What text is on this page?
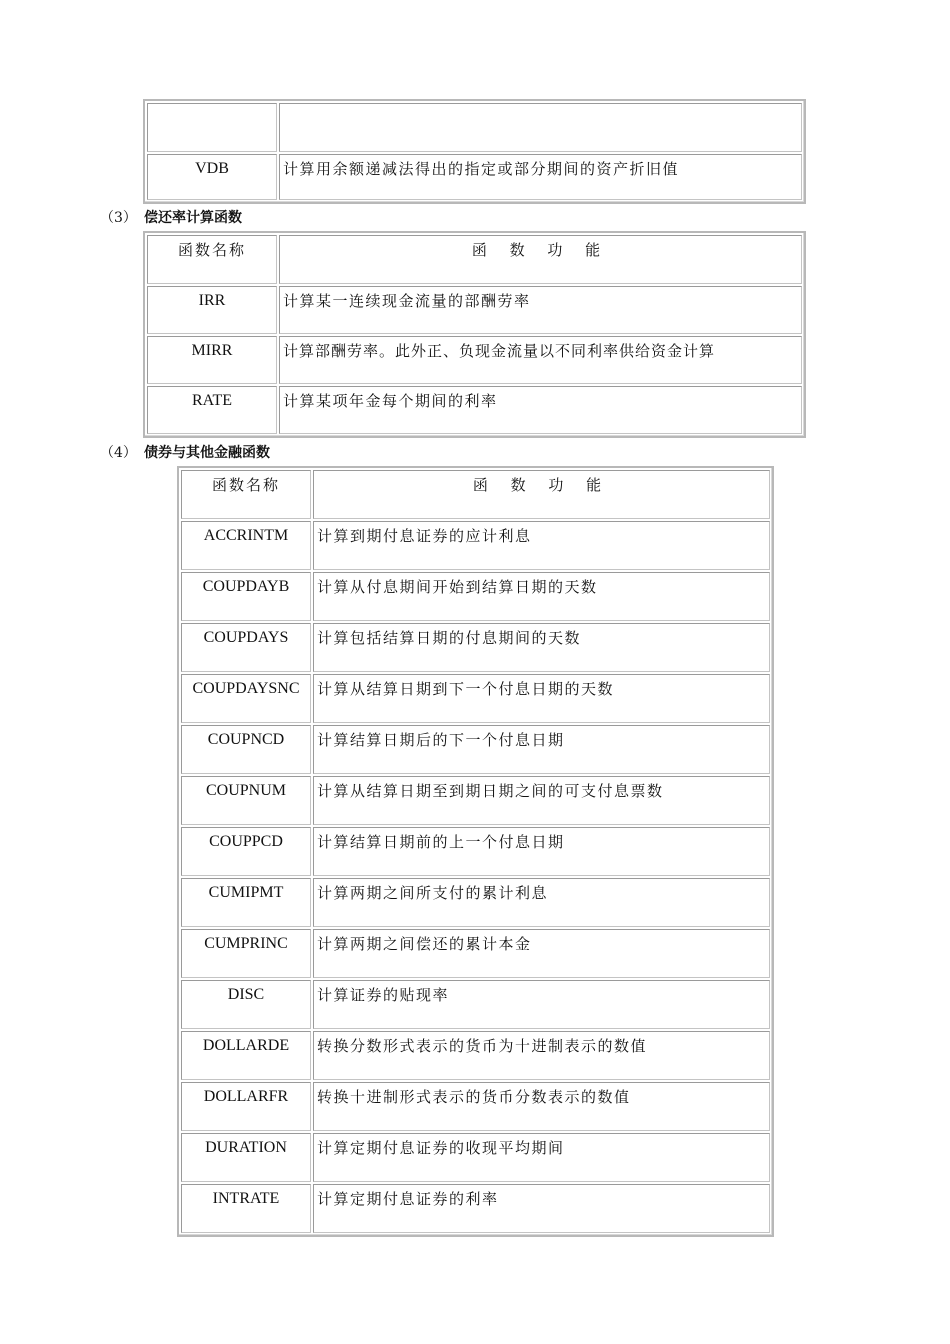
VDB	计算用余额递减法得出的指定或部分期间的资产折旧值
（3） 偿还率计算函数
函数名称	函 数 功 能
IRR	计算某一连续现金流量的部酬劳率
MIRR	计算部酬劳率。此外正、负现金流量以不同利率供给资金计算
RATE	计算某项年金每个期间的利率
（4） 债券与其他金融函数
函数名称	函 数 功 能
ACCRINTM	计算到期付息证券的应计利息
COUPDAYB	计算从付息期间开始到结算日期的天数
COUPDAYS	计算包括结算日期的付息期间的天数
COUPDAYSNC	计算从结算日期到下一个付息日期的天数
COUPNCD	计算结算日期后的下一个付息日期
COUPNUM	计算从结算日期至到期日期之间的可支付息票数
COUPPCD	计算结算日期前的上一个付息日期
CUMIPMT	计算两期之间所支付的累计利息
CUMPRINC	计算两期之间偿还的累计本金
DISC	计算证券的贴现率
DOLLARDE	转换分数形式表示的货币为十进制表示的数值
DOLLARFR	转换十进制形式表示的货币分数表示的数值
DURATION	计算定期付息证券的收现平均期间
INTRATE	计算定期付息证券的利率
